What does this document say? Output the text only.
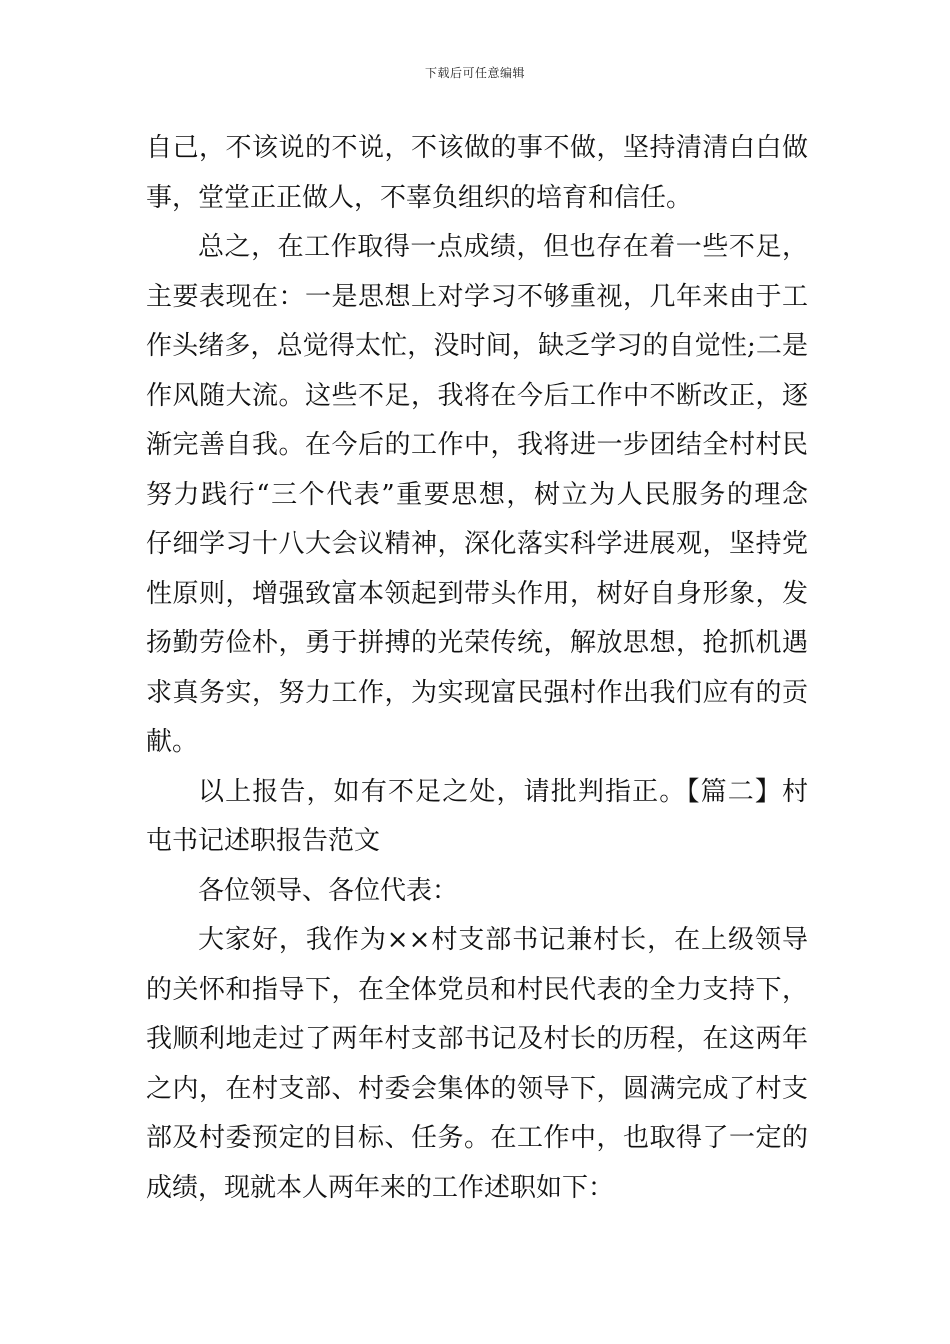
下载后可任意编辑
自己，不该说的不说，不该做的事不做，坚持清清白白做
事，堂堂正正做人，不辜负组织的培育和信任。
总之，在工作取得一点成绩，但也存在着一些不足，
主要表现在：一是思想上对学习不够重视，几年来由于工
作头绪多，总觉得太忙，没时间，缺乏学习的自觉性;二是
作风随大流。这些不足，我将在今后工作中不断改正，逐
渐完善自我。在今后的工作中，我将进一步团结全村村民
努力践行“三个代表”重要思想，树立为人民服务的理念
仔细学习十八大会议精神，深化落实科学进展观，坚持党
性原则，增强致富本领起到带头作用，树好自身形象，发
扬勤劳俭朴，勇于拼搏的光荣传统，解放思想，抢抓机遇
求真务实，努力工作，为实现富民强村作出我们应有的贡
献。
以上报告，如有不足之处，请批判指正。【篇二】村
屯书记述职报告范文
各位领导、各位代表：
大家好，我作为××村支部书记兼村长，在上级领导
的关怀和指导下，在全体党员和村民代表的全力支持下，
我顺利地走过了两年村支部书记及村长的历程，在这两年
之内，在村支部、村委会集体的领导下，圆满完成了村支
部及村委预定的目标、任务。在工作中，也取得了一定的
成绩，现就本人两年来的工作述职如下：
